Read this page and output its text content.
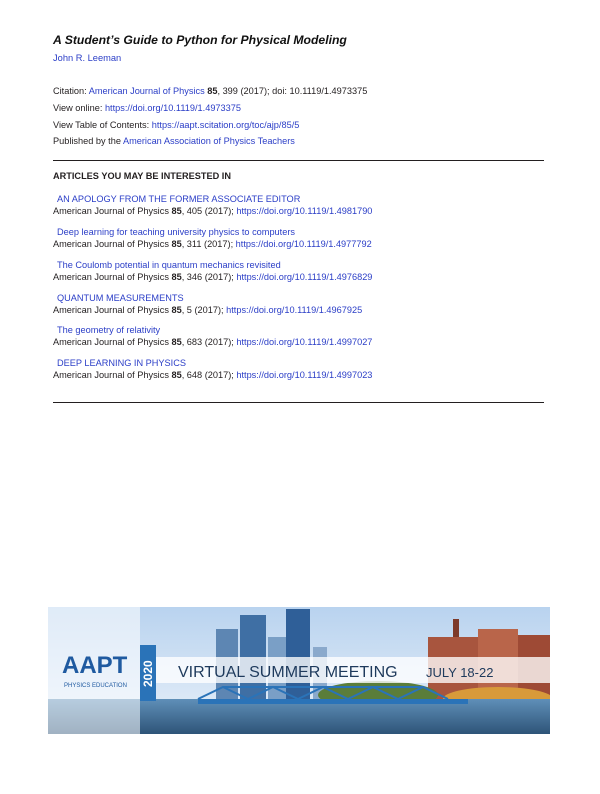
A Student’s Guide to Python for Physical Modeling
John R. Leeman
Citation: American Journal of Physics 85, 399 (2017); doi: 10.1119/1.4973375
View online: https://doi.org/10.1119/1.4973375
View Table of Contents: https://aapt.scitation.org/toc/ajp/85/5
Published by the American Association of Physics Teachers
ARTICLES YOU MAY BE INTERESTED IN
AN APOLOGY FROM THE FORMER ASSOCIATE EDITOR
American Journal of Physics 85, 405 (2017); https://doi.org/10.1119/1.4981790
Deep learning for teaching university physics to computers
American Journal of Physics 85, 311 (2017); https://doi.org/10.1119/1.4977792
The Coulomb potential in quantum mechanics revisited
American Journal of Physics 85, 346 (2017); https://doi.org/10.1119/1.4976829
QUANTUM MEASUREMENTS
American Journal of Physics 85, 5 (2017); https://doi.org/10.1119/1.4967925
The geometry of relativity
American Journal of Physics 85, 683 (2017); https://doi.org/10.1119/1.4997027
DEEP LEARNING IN PHYSICS
American Journal of Physics 85, 648 (2017); https://doi.org/10.1119/1.4997023
AAPT
PHYSICS EDUCATION 2020 VIRTUAL SUMMER MEETING JULY 18-22
